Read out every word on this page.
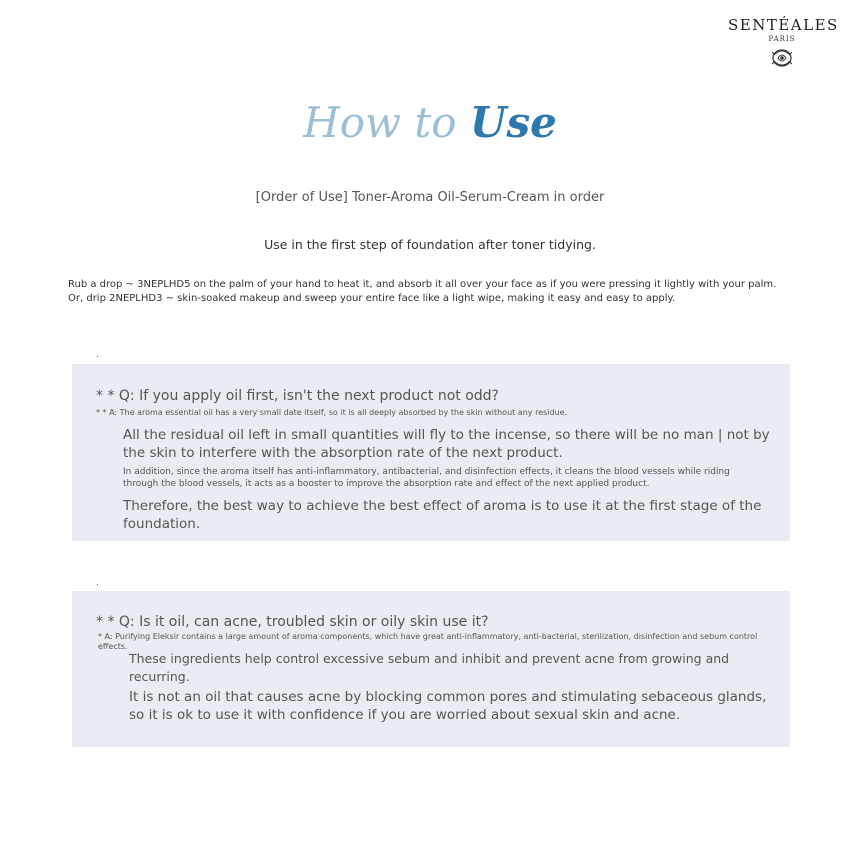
SENTÉALES
PARIS
How to Use
[Order of Use] Toner-Aroma Oil-Serum-Cream in order
Use in the first step of foundation after toner tidying.

Rub a drop ~ 3NEPLHD5 on the palm of your hand to heat it, and absorb it all over your face as if you were pressing it lightly with your palm.

Or, drip 2NEPLHD3 ~ skin-soaked makeup and sweep your entire face like a light wipe, making it easy and easy to apply.

.
* * Q: If you apply oil first, isn't the next product not odd?
* * A: The aroma essential oil has a very small date itself, so it is all deeply absorbed by the skin without any residue.

All the residual oil left in small quantities will fly to the incense, so there will be no man | not by the skin to interfere with the absorption rate of the next product.

In addition, since the aroma itself has anti-inflammatory, antibacterial, and disinfection effects, it cleans the blood vessels while riding through the blood vessels, it acts as a booster to improve the absorption rate and effect of the next applied product.

Therefore, the best way to achieve the best effect of aroma is to use it at the first stage of the foundation.

.
* * Q: Is it oil, can acne, troubled skin or oily skin use it?
* A: Purifying Eleksir contains a large amount of aroma components, which have great anti-inflammatory, anti-bacterial, sterilization, disinfection and sebum control effects.

These ingredients help control excessive sebum and inhibit and prevent acne from growing and recurring.

It is not an oil that causes acne by blocking common pores and stimulating sebaceous glands, so it is ok to use it with confidence if you are worried about sexual skin and acne.
